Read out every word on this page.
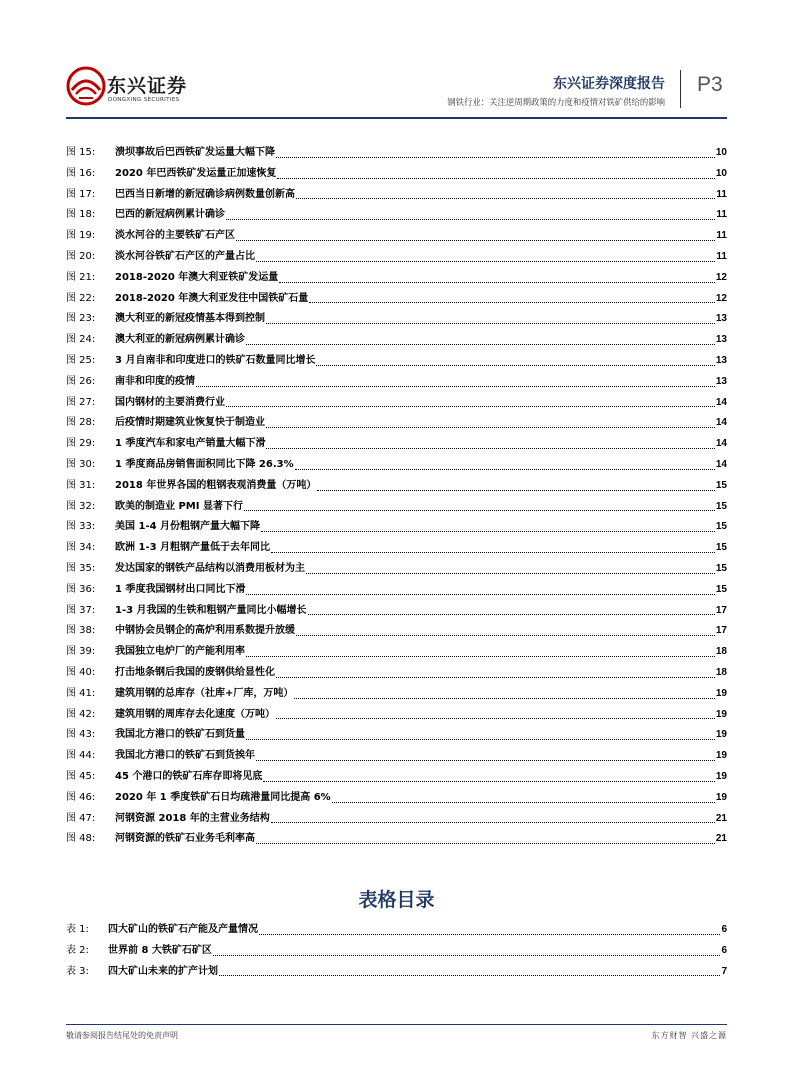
东兴证券
DONGXING SECURITIES
东兴证券深度报告
钢铁行业：关注逆周期政策的力度和疫情对铁矿供给的影响
P3
图 15: 溃坝事故后巴西铁矿发运量大幅下降	10
图 16: 2020 年巴西铁矿发运量正加速恢复	10
图 17: 巴西当日新增的新冠确诊病例数量创新高	11
图 18: 巴西的新冠病例累计确诊	11
图 19: 淡水河谷的主要铁矿石产区	11
图 20: 淡水河谷铁矿石产区的产量占比	11
图 21: 2018-2020 年澳大利亚铁矿发运量	12
图 22: 2018-2020 年澳大利亚发往中国铁矿石量	12
图 23: 澳大利亚的新冠疫情基本得到控制	13
图 24: 澳大利亚的新冠病例累计确诊	13
图 25: 3 月自南非和印度进口的铁矿石数量同比增长	13
图 26: 南非和印度的疫情	13
图 27: 国内钢材的主要消费行业	14
图 28: 后疫情时期建筑业恢复快于制造业	14
图 29: 1 季度汽车和家电产销量大幅下滑	14
图 30: 1 季度商品房销售面积同比下降 26.3%	14
图 31: 2018 年世界各国的粗钢表观消费量（万吨）	15
图 32: 欧美的制造业 PMI 显著下行	15
图 33: 美国 1-4 月份粗钢产量大幅下降	15
图 34: 欧洲 1-3 月粗钢产量低于去年同比	15
图 35: 发达国家的钢铁产品结构以消费用板材为主	15
图 36: 1 季度我国钢材出口同比下滑	15
图 37: 1-3 月我国的生铁和粗钢产量同比小幅增长	17
图 38: 中钢协会员钢企的高炉利用系数提升放缓	17
图 39: 我国独立电炉厂的产能利用率	18
图 40: 打击地条钢后我国的废钢供给显性化	18
图 41: 建筑用钢的总库存（社库+厂库，万吨）	19
图 42: 建筑用钢的周库存去化速度（万吨）	19
图 43: 我国北方港口的铁矿石到货量	19
图 44: 我国北方港口的铁矿石到货挨年	19
图 45: 45 个港口的铁矿石库存即将见底	19
图 46: 2020 年 1 季度铁矿石日均疏港量同比提高 6%	19
图 47: 河钢资源 2018 年的主营业务结构	21
图 48: 河钢资源的铁矿石业务毛利率高	21
表格目录
表 1: 四大矿山的铁矿石产能及产量情况	6
表 2: 世界前 8 大铁矿石矿区	6
表 3: 四大矿山未来的扩产计划	7
敬请参阅报告结尾处的免责声明	东方财智 兴盛之源
